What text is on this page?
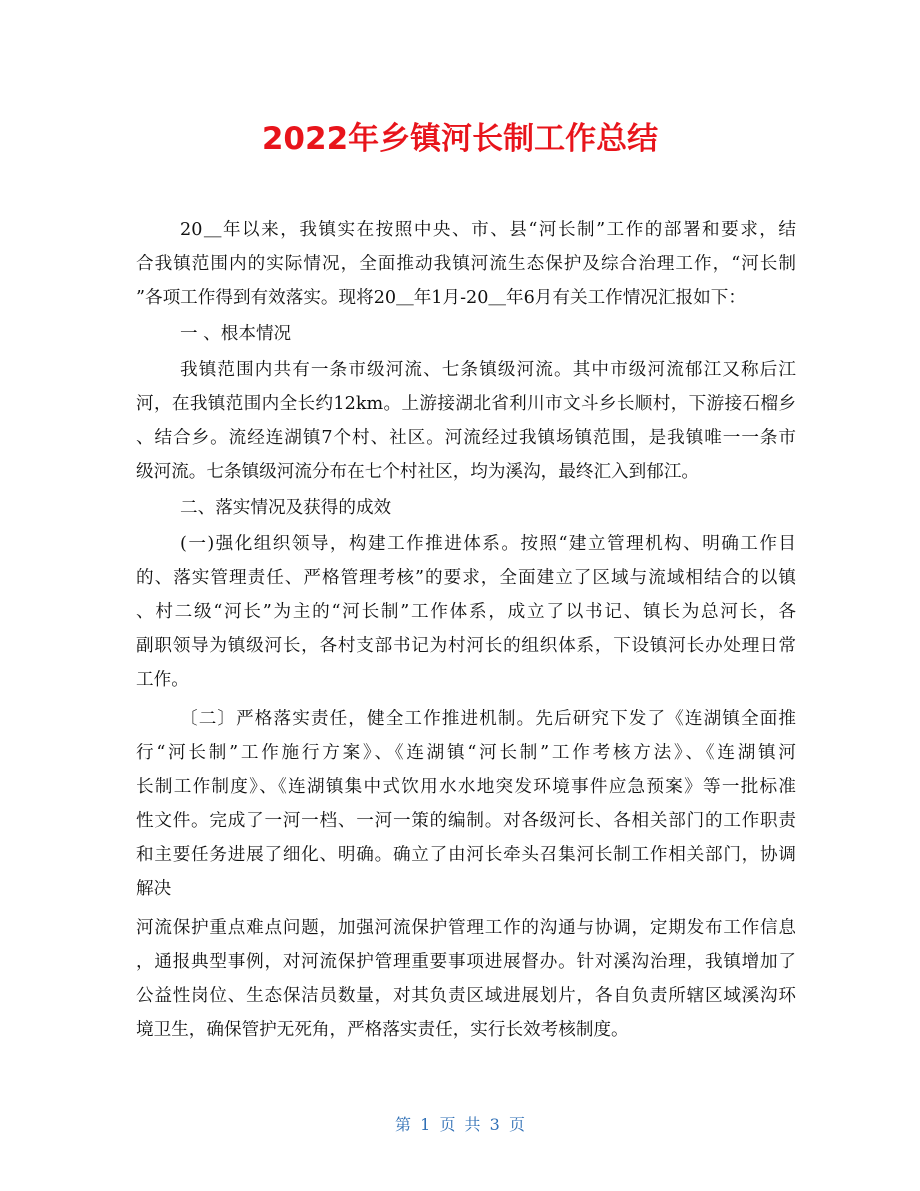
2022年乡镇河长制工作总结
20＿年以来，我镇实在按照中央、市、县“河长制”工作的部署和要求，结
合我镇范围内的实际情况，全面推动我镇河流生态保护及综合治理工作，“河长制
”各项工作得到有效落实。现将20＿年1月-20＿年6月有关工作情况汇报如下：
一 、根本情况
我镇范围内共有一条市级河流、七条镇级河流。其中市级河流郁江又称后江
河，在我镇范围内全长约12km。上游接湖北省利川市文斗乡长顺村，下游接石榴乡
、结合乡。流经连湖镇7个村、社区。河流经过我镇场镇范围，是我镇唯一一条市
级河流。七条镇级河流分布在七个村社区，均为溪沟，最终汇入到郁江。
二、落实情况及获得的成效
(一)强化组织领导，构建工作推进体系。按照“建立管理机构、明确工作目
的、落实管理责任、严格管理考核”的要求，全面建立了区域与流域相结合的以镇
、村二级“河长”为主的“河长制”工作体系，成立了以书记、镇长为总河长，各
副职领导为镇级河长，各村支部书记为村河长的组织体系，下设镇河长办处理日常
工作。
〔二〕严格落实责任，健全工作推进机制。先后研究下发了《连湖镇全面推
行“河长制”工作施行方案》、《连湖镇“河长制”工作考核方法》、《连湖镇河
长制工作制度》、《连湖镇集中式饮用水水地突发环境事件应急预案》等一批标准
性文件。完成了一河一档、一河一策的编制。对各级河长、各相关部门的工作职责
和主要任务进展了细化、明确。确立了由河长牵头召集河长制工作相关部门，协调
解决
河流保护重点难点问题，加强河流保护管理工作的沟通与协调，定期发布工作信息
，通报典型事例，对河流保护管理重要事项进展督办。针对溪沟治理，我镇增加了
公益性岗位、生态保洁员数量，对其负责区域进展划片，各自负责所辖区域溪沟环
境卫生，确保管护无死角，严格落实责任，实行长效考核制度。
第 1 页 共 3 页
